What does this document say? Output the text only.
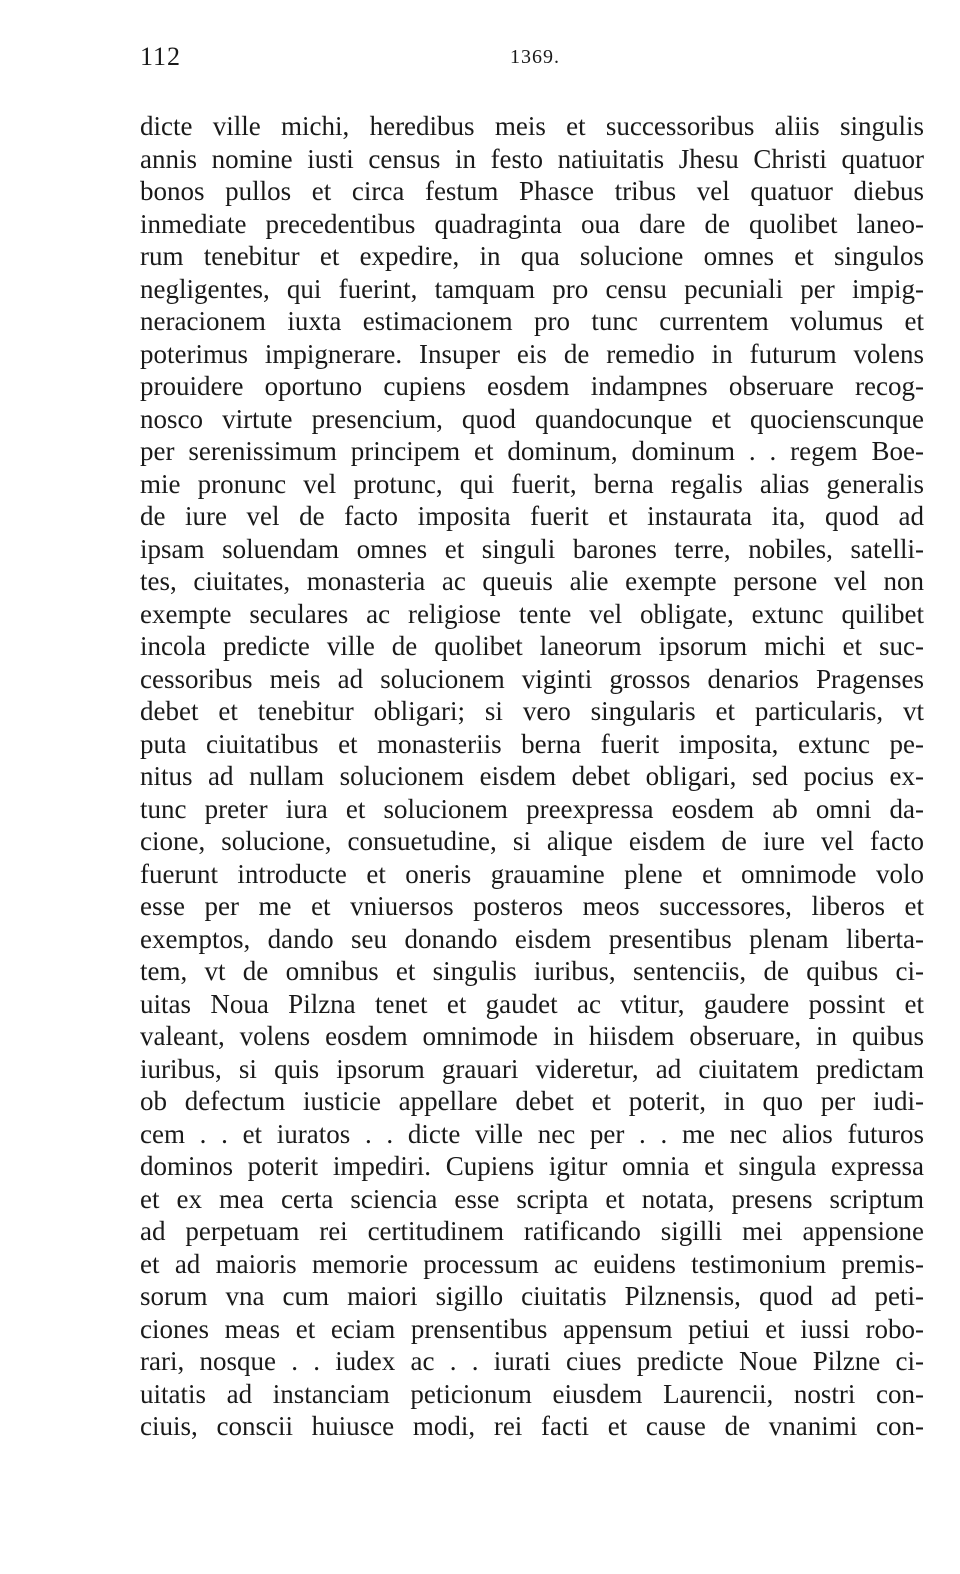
112	1369.
dicte ville michi, heredibus meis et successoribus aliis singulis
annis nomine iusti census in festo natiuitatis Jhesu Christi quatuor
bonos pullos et circa festum Phasce tribus vel quatuor diebus
inmediate precedentibus quadraginta oua dare de quolibet laneo-
rum tenebitur et expedire, in qua solucione omnes et singulos
negligentes, qui fuerint, tamquam pro censu pecuniali per impig-
neracionem iuxta estimacionem pro tunc currentem volumus et
poterimus impignerare. Insuper eis de remedio in futurum volens
prouidere oportuno cupiens eosdem indampnes obseruare recog-
nosco virtute presencium, quod quandocunque et quocienscunque
per serenissimum principem et dominum, dominum . . regem Boe-
mie pronunc vel protunc, qui fuerit, berna regalis alias generalis
de iure vel de facto imposita fuerit et instaurata ita, quod ad
ipsam soluendam omnes et singuli barones terre, nobiles, satelli-
tes, ciuitates, monasteria ac queuis alie exempte persone vel non
exempte seculares ac religiose tente vel obligate, extunc quilibet
incola predicte ville de quolibet laneorum ipsorum michi et suc-
cessoribus meis ad solucionem viginti grossos denarios Pragenses
debet et tenebitur obligari; si vero singularis et particularis, vt
puta ciuitatibus et monasteriis berna fuerit imposita, extunc pe-
nitus ad nullam solucionem eisdem debet obligari, sed pocius ex-
tunc preter iura et solucionem preexpressa eosdem ab omni da-
cione, solucione, consuetudine, si alique eisdem de iure vel facto
fuerunt introducte et oneris grauamine plene et omnimode volo
esse per me et vniuersos posteros meos successores, liberos et
exemptos, dando seu donando eisdem presentibus plenam liberta-
tem, vt de omnibus et singulis iuribus, sentenciis, de quibus ci-
uitas Noua Pilzna tenet et gaudet ac vtitur, gaudere possint et
valeant, volens eosdem omnimode in hiisdem obseruare, in quibus
iuribus, si quis ipsorum grauari videretur, ad ciuitatem predictam
ob defectum iusticie appellare debet et poterit, in quo per iudi-
cem . . et iuratos . . dicte ville nec per . . me nec alios futuros
dominos poterit impediri. Cupiens igitur omnia et singula expressa
et ex mea certa sciencia esse scripta et notata, presens scriptum
ad perpetuam rei certitudinem ratificando sigilli mei appensione
et ad maioris memorie processum ac euidens testimonium premis-
sorum vna cum maiori sigillo ciuitatis Pilznensis, quod ad peti-
ciones meas et eciam prensentibus appensum petiui et iussi robo-
rari, nosque . . iudex ac . . iurati ciues predicte Noue Pilzne ci-
uitatis ad instanciam peticionum eiusdem Laurencii, nostri con-
ciuis, conscii huiusce modi, rei facti et cause de vnanimi con-
